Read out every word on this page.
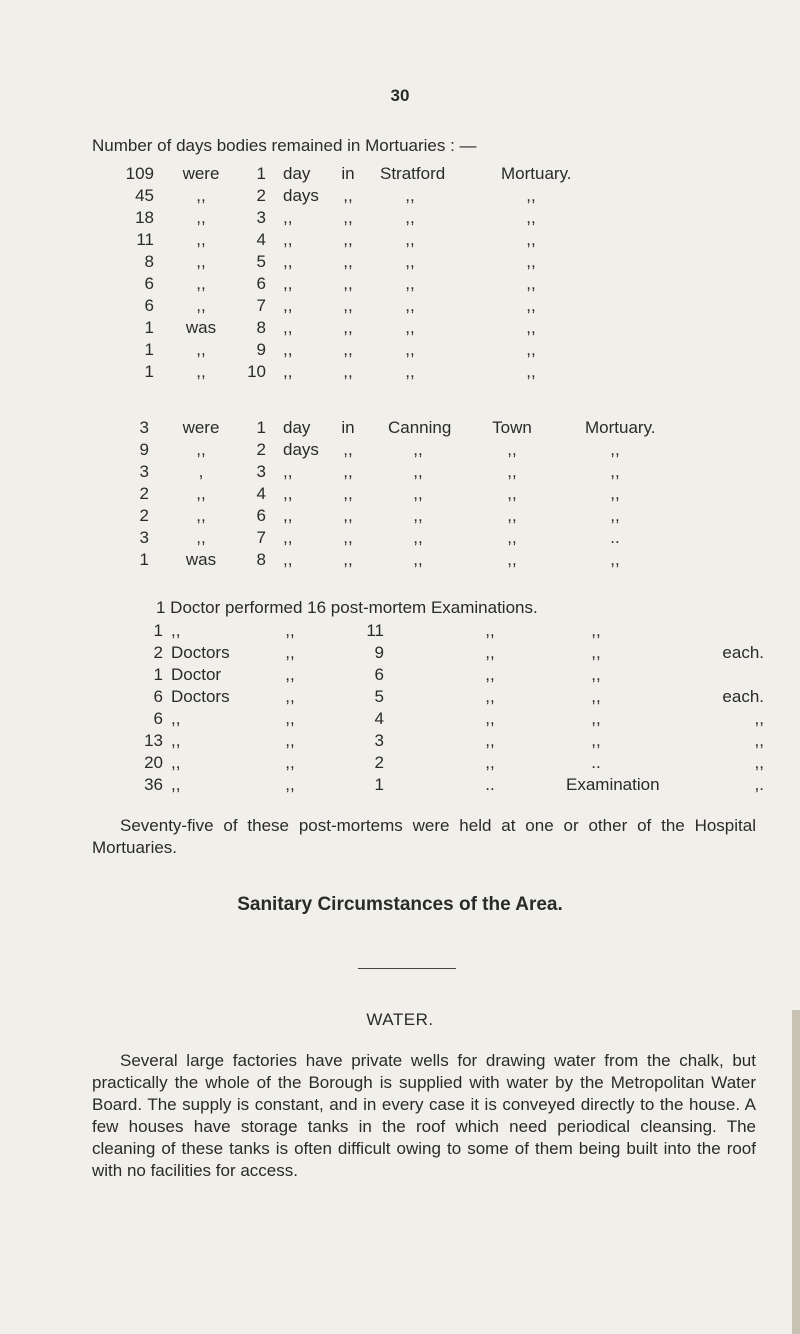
30
Number of days bodies remained in Mortuaries : —
109	were	1 day	in	Stratford	Mortuary.
45	,,	2 days	,,	,,	,,
18	,,	3 ,,	,,	,,	,,
11	,,	4 ,,	,,	,,	,,
8	,,	5 ,,	,,	,,	,,
6	,,	6 ,,	,,	,,	,,
6	,,	7 ,,	,,	,,	,,
1	was	8 ,,	,,	,,	,,
1	,,	9 ,,	,,	,,	,,
1	,,	10 ,,	,,	,,	,,
3	were	1 day	in	Canning	Town	Mortuary.
9	,,	2 days	,,	,,	,,	,,
3	,	3 ,,	,,	,,	,,	,,
2	,,	4 ,,	,,	,,	,,	,,
2	,,	6 ,,	,,	,,	,,	,,
3	,,	7 ,,	,,	,,	,,	..
1	was	8 ,,	,,	,,	,,	,,
1 Doctor performed 16 post-mortem Examinations.
1 ,,	,,	11	,,	,,
2 Doctors	,,	9	,,	,,	each.
1 Doctor	,,	6	,,	,,
6 Doctors	,,	5	,,	,,	each.
6 ,,	,,	4	,,	,,	,,
13 ,,	,,	3	,,	,,	,,
20 ,,	,,	2	,,	..	,,
36 ,,	,,	1	..	Examination	,.
Seventy-five of these post-mortems were held at one or other of the Hospital Mortuaries.
Sanitary Circumstances of the Area.
WATER.
Several large factories have private wells for drawing water from the chalk, but practically the whole of the Borough is supplied with water by the Metropolitan Water Board. The supply is constant, and in every case it is conveyed directly to the house. A few houses have storage tanks in the roof which need periodical cleansing. The cleaning of these tanks is often difficult owing to some of them being built into the roof with no facilities for access.
